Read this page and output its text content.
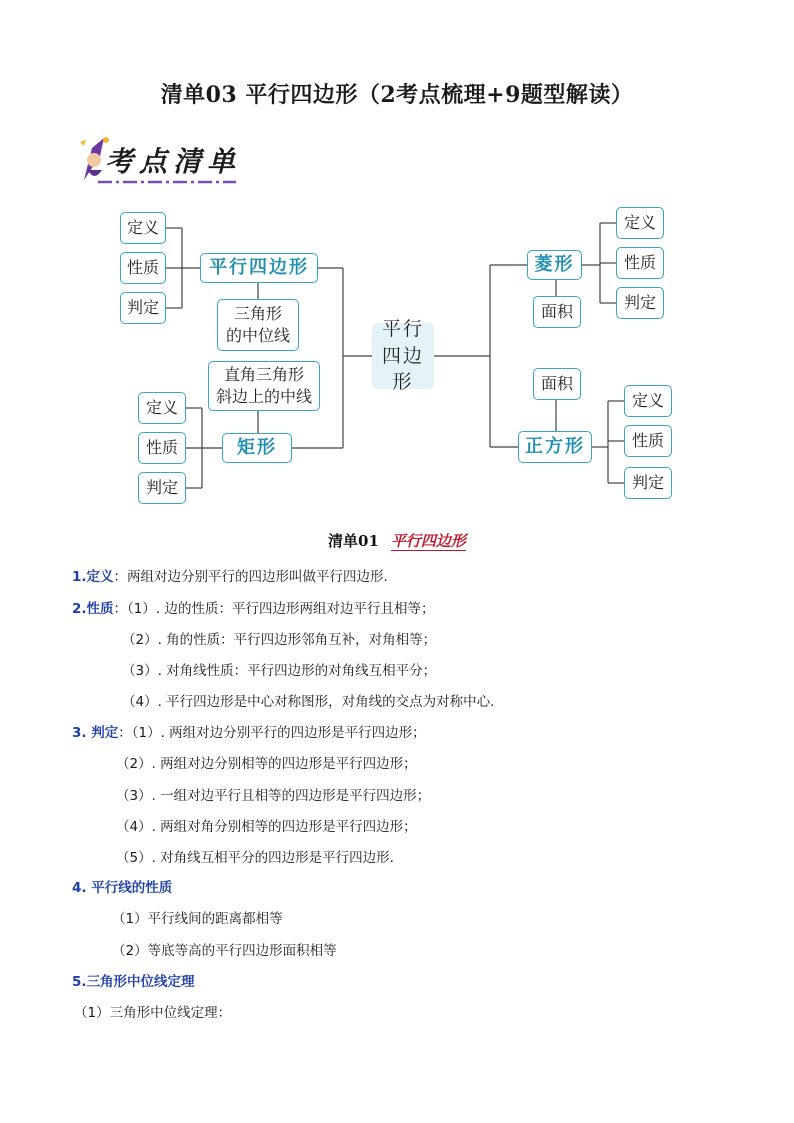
清单03 平行四边形（2考点梳理+9题型解读）
考点清单
定义
性质
判定
平行四边形
三角形
的中位线
直角三角形
斜边上的中线
定义
性质
判定
矩形
平行
四边形
菱形
面积
定义
性质
判定
面积
正方形
定义
性质
判定
清单01 平行四边形
1.定义：两组对边分别平行的四边形叫做平行四边形.
2.性质：（1）. 边的性质：平行四边形两组对边平行且相等；
（2）. 角的性质：平行四边形邻角互补，对角相等；
（3）. 对角线性质：平行四边形的对角线互相平分；
（4）. 平行四边形是中心对称图形，对角线的交点为对称中心.
3. 判定：（1）. 两组对边分别平行的四边形是平行四边形；
（2）. 两组对边分别相等的四边形是平行四边形；
（3）. 一组对边平行且相等的四边形是平行四边形；
（4）. 两组对角分别相等的四边形是平行四边形；
（5）. 对角线互相平分的四边形是平行四边形.
4. 平行线的性质
（1）平行线间的距离都相等
（2）等底等高的平行四边形面积相等
5.三角形中位线定理
（1）三角形中位线定理：
